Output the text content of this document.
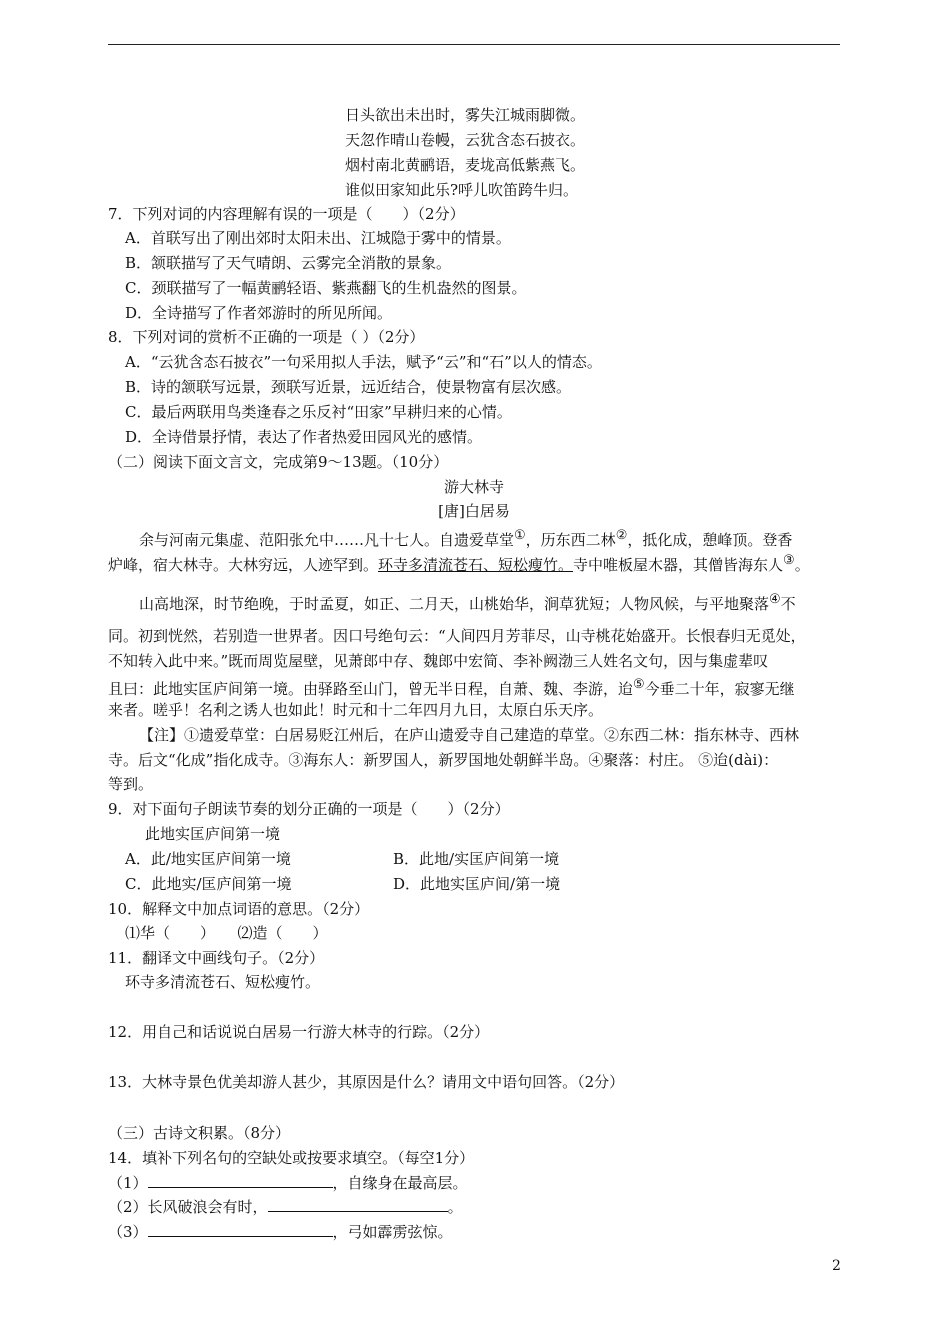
日头欲出未出时，雾失江城雨脚微。
天忽作晴山卷幔，云犹含态石披衣。
烟村南北黄鹂语，麦垅高低紫燕飞。
谁似田家知此乐?呼儿吹笛跨牛归。
7．下列对词的内容理解有误的一项是（　　）（2分）
A．首联写出了刚出郊时太阳未出、江城隐于雾中的情景。
B．颔联描写了天气晴朗、云雾完全消散的景象。
C．颈联描写了一幅黄鹂轻语、紫燕翻飞的生机盎然的图景。
D．全诗描写了作者郊游时的所见所闻。
8．下列对词的赏析不正确的一项是（ ）（2分）
A．“云犹含态石披衣”一句采用拟人手法，赋予“云”和“石”以人的情态。
B．诗的颔联写远景，颈联写近景，远近结合，使景物富有层次感。
C．最后两联用鸟类逢春之乐反衬“田家”早耕归来的心情。
D．全诗借景抒情，表达了作者热爱田园风光的感情。
（二）阅读下面文言文，完成第9～13题。（10分）
游大林寺
[唐]白居易
余与河南元集虚、范阳张允中……凡十七人。自遗爱草堂①，历东西二林②，抵化成，憩峰顶。登香
炉峰，宿大林寺。大林穷远，人迹罕到。环寺多清流苍石、短松瘦竹。寺中唯板屋木器，其僧皆海东人③。
山高地深，时节绝晚，于时孟夏，如正、二月天，山桃始华，涧草犹短；人物风候，与平地聚落④不
同。初到恍然，若别造一世界者。因口号绝句云：“人间四月芳菲尽，山寺桃花始盛开。长恨春归无觅处，
不知转入此中来。”既而周览屋壁，见萧郎中存、魏郎中宏简、李补阙渤三人姓名文句，因与集虚辈叹
且曰：此地实匡庐间第一境。由驿路至山门，曾无半日程，自萧、魏、李游，迨⑤今垂二十年，寂寥无继
来者。嗟乎！名利之诱人也如此！时元和十二年四月九日，太原白乐天序。
【注】①遗爱草堂：白居易贬江州后，在庐山遗爱寺自己建造的草堂。②东西二林：指东林寺、西林
寺。后文“化成”指化成寺。③海东人：新罗国人，新罗国地处朝鲜半岛。④聚落：村庄。 ⑤迨(dài)：
等到。
9．对下面句子朗读节奏的划分正确的一项是（　　）（2分）
此地实匡庐间第一境
A．此/地实匡庐间第一境	B．此地/实匡庐间第一境
C．此地实/匡庐间第一境	D．此地实匡庐间/第一境
10．解释文中加点词语的意思。（2分）
⑴华（　　）　　⑵造（　　）
11．翻译文中画线句子。（2分）
环寺多清流苍石、短松瘦竹。
12．用自己和话说说白居易一行游大林寺的行踪。（2分）
13．大林寺景色优美却游人甚少，其原因是什么？请用文中语句回答。（2分）
（三）古诗文积累。（8分）
14．填补下列名句的空缺处或按要求填空。（每空1分）
（1）	，自缘身在最高层。
（2）长风破浪会有时，	。
（3）	，弓如霹雳弦惊。
2
